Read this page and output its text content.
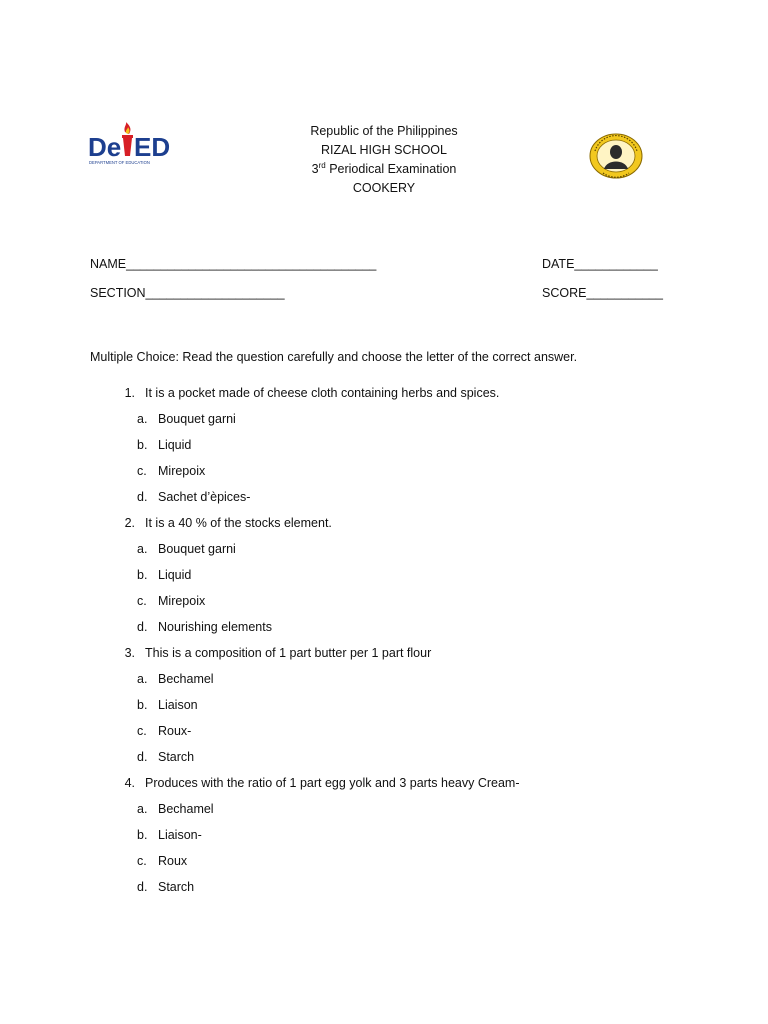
De ED
DEPARTMENT OF EDUCATION
Republic of the Philippines
RIZAL HIGH SCHOOL
3rd Periodical Examination
COOKERY
NAME____________________________________	DATE____________
SECTION____________________	SCORE___________
Multiple Choice: Read the question carefully and choose the letter of the correct answer.
1. It is a pocket made of cheese cloth containing herbs and spices.
a. Bouquet garni
b. Liquid
c. Mirepoix
d. Sachet d’èpices-
2. It is a 40 % of the stocks element.
a. Bouquet garni
b. Liquid
c. Mirepoix
d. Nourishing elements
3. This is a composition of 1 part butter per 1 part flour
a. Bechamel
b. Liaison
c. Roux-
d. Starch
4. Produces with the ratio of 1 part egg yolk and 3 parts heavy Cream-
a. Bechamel
b. Liaison-
c. Roux
d. Starch
